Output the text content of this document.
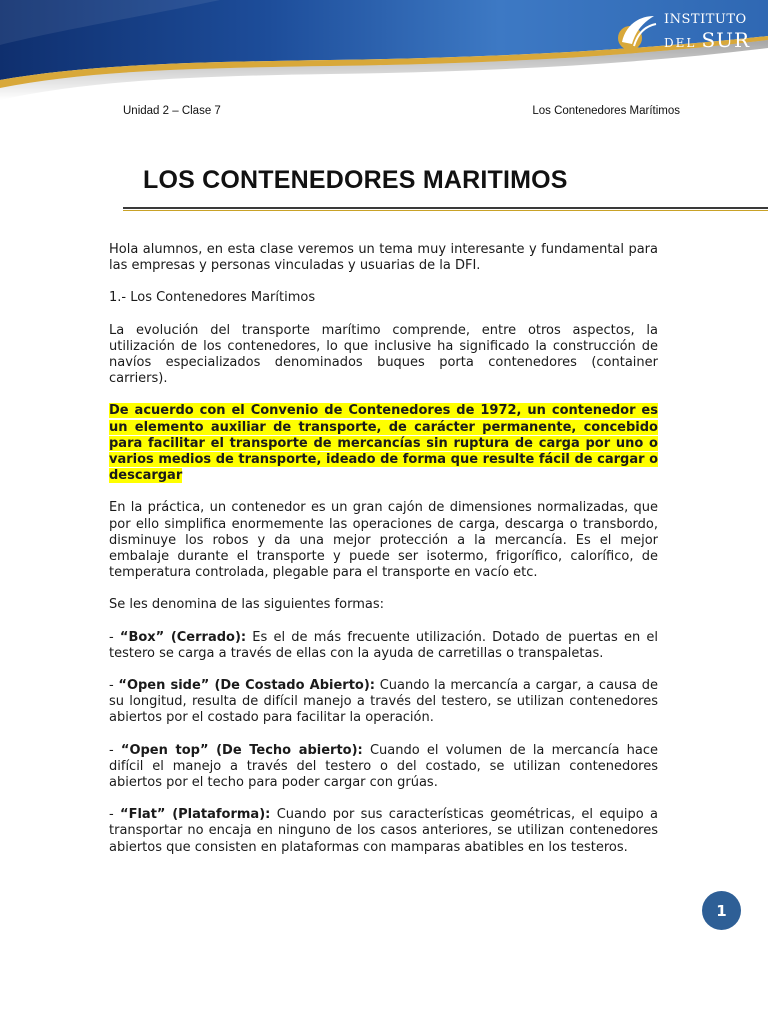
INSTITUTO
DEL SUR
Unidad 2 – Clase 7	Los Contenedores Marítimos
LOS CONTENEDORES MARITIMOS

Hola alumnos, en esta clase veremos un tema muy interesante y fundamental para las empresas y personas vinculadas y usuarias de la DFI.

1.- Los Contenedores Marítimos

La evolución del transporte marítimo comprende, entre otros aspectos, la utilización de los contenedores, lo que inclusive ha significado la construcción de navíos especializados denominados buques porta contenedores (container carriers).

De acuerdo con el Convenio de Contenedores de 1972, un contenedor es un elemento auxiliar de transporte, de carácter permanente, concebido para facilitar el transporte de mercancías sin ruptura de carga por uno o varios medios de transporte, ideado de forma que resulte fácil de cargar o descargar

En la práctica, un contenedor es un gran cajón de dimensiones normalizadas, que por ello simplifica enormemente las operaciones de carga, descarga o transbordo, disminuye los robos y da una mejor protección a la mercancía. Es el mejor embalaje durante el transporte y puede ser isotermo, frigorífico, calorífico, de temperatura controlada, plegable para el transporte en vacío etc.

Se les denomina de las siguientes formas:

- “Box” (Cerrado): Es el de más frecuente utilización. Dotado de puertas en el testero se carga a través de ellas con la ayuda de carretillas o transpaletas.

- “Open side” (De Costado Abierto): Cuando la mercancía a cargar, a causa de su longitud, resulta de difícil manejo a través del testero, se utilizan contenedores abiertos por el costado para facilitar la operación.

- “Open top” (De Techo abierto): Cuando el volumen de la mercancía hace difícil el manejo a través del testero o del costado, se utilizan contenedores abiertos por el techo para poder cargar con grúas.

- “Flat” (Plataforma): Cuando por sus características geométricas, el equipo a transportar no encaja en ninguno de los casos anteriores, se utilizan contenedores abiertos que consisten en plataformas con mamparas abatibles en los testeros.

1
